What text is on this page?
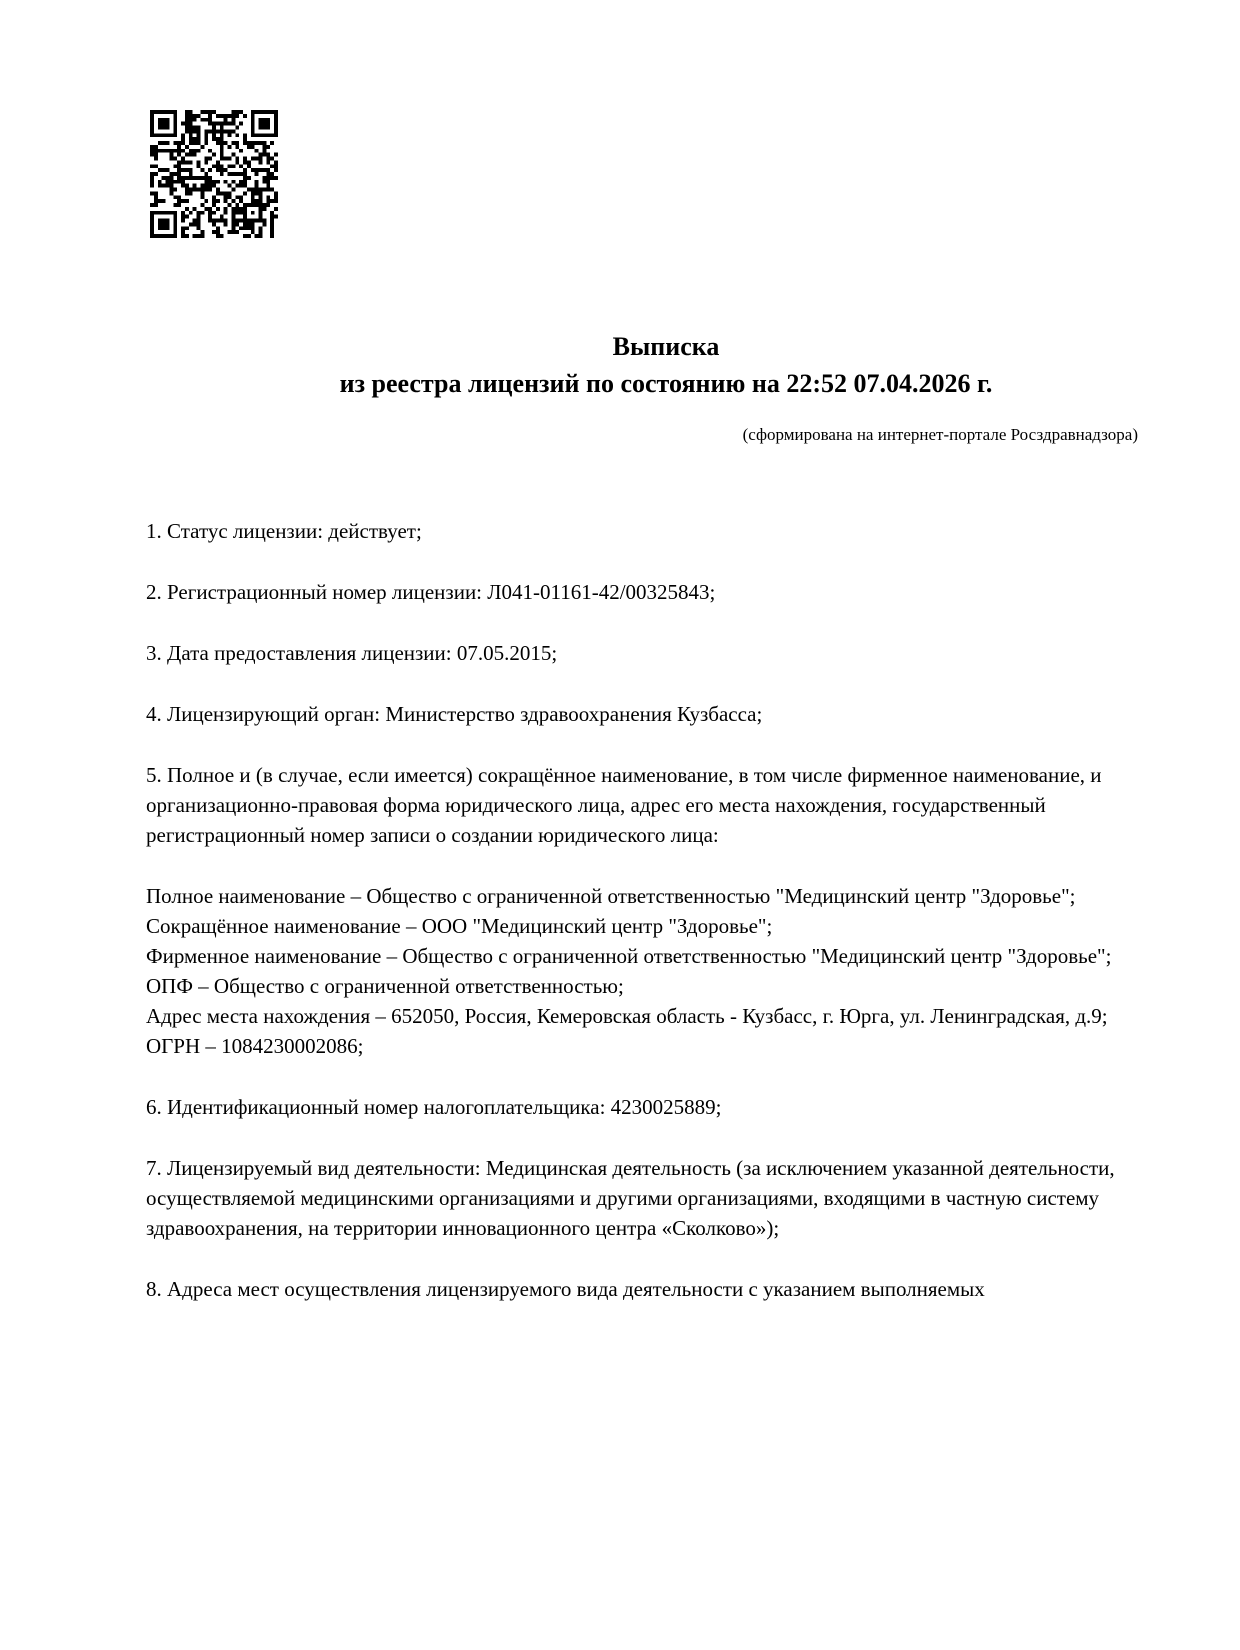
Выписка
из реестра лицензий по состоянию на 22:52 07.04.2026 г.
(сформирована на интернет-портале Росздравнадзора)
1. Статус лицензии: действует;
2. Регистрационный номер лицензии: Л041-01161-42/00325843;
3. Дата предоставления лицензии: 07.05.2015;
4. Лицензирующий орган: Министерство здравоохранения Кузбасса;
5. Полное и (в случае, если имеется) сокращённое наименование, в том числе фирменное наименование, и организационно-правовая форма юридического лица, адрес его места нахождения, государственный регистрационный номер записи о создании юридического лица:
Полное наименование – Общество с ограниченной ответственностью "Медицинский центр "Здоровье";
Сокращённое наименование – ООО "Медицинский центр "Здоровье";
Фирменное наименование – Общество с ограниченной ответственностью "Медицинский центр "Здоровье";
ОПФ – Общество с ограниченной ответственностью;
Адрес места нахождения – 652050, Россия, Кемеровская область - Кузбасс, г. Юрга, ул. Ленинградская, д.9;
ОГРН – 1084230002086;
6. Идентификационный номер налогоплательщика: 4230025889;
7. Лицензируемый вид деятельности: Медицинская деятельность (за исключением указанной деятельности, осуществляемой медицинскими организациями и другими организациями, входящими в частную систему здравоохранения, на территории инновационного центра «Сколково»);
8. Адреса мест осуществления лицензируемого вида деятельности с указанием выполняемых
